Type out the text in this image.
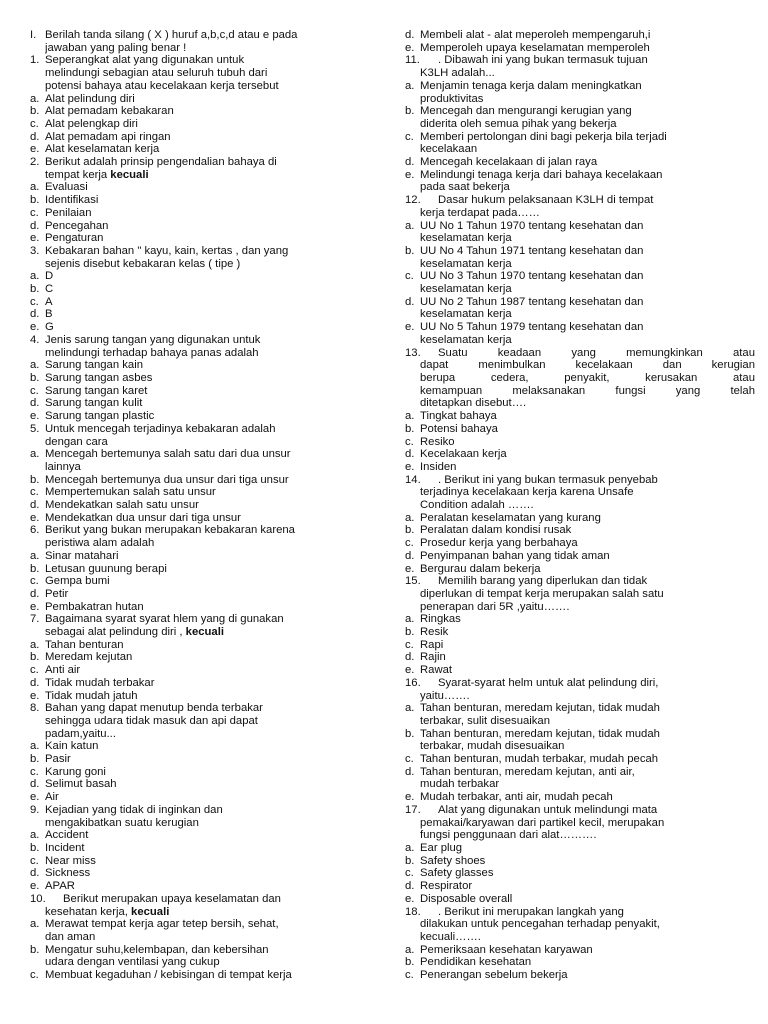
I. Berilah tanda silang ( X ) huruf a,b,c,d atau e pada
jawaban yang paling benar !
1. Seperangkat alat yang digunakan untuk
melindungi sebagian atau seluruh tubuh dari
potensi bahaya atau kecelakaan kerja tersebut
a. Alat pelindung diri
b. Alat pemadam kebakaran
c. Alat pelengkap diri
d. Alat pemadam api ringan
e. Alat keselamatan kerja
2. Berikut adalah prinsip pengendalian bahaya di
tempat kerja kecuali
a. Evaluasi
b. Identifikasi
c. Penilaian
d. Pencegahan
e. Pengaturan
3. Kebakaran bahan " kayu, kain, kertas , dan yang
sejenis disebut kebakaran kelas ( tipe )
a. D
b. C
c. A
d. B
e. G
4. Jenis sarung tangan yang digunakan untuk
melindungi terhadap bahaya panas adalah
a. Sarung tangan kain
b. Sarung tangan asbes
c. Sarung tangan karet
d. Sarung tangan kulit
e. Sarung tangan plastic
5. Untuk mencegah terjadinya kebakaran adalah
dengan cara
a. Mencegah bertemunya salah satu dari dua unsur
lainnya
b. Mencegah bertemunya dua unsur dari tiga unsur
c. Mempertemukan salah satu unsur
d. Mendekatkan salah satu unsur
e. Mendekatkan dua unsur dari tiga unsur
6. Berikut yang bukan merupakan kebakaran karena
peristiwa alam adalah
a. Sinar matahari
b. Letusan guunung berapi
c. Gempa bumi
d. Petir
e. Pembakatran hutan
7. Bagaimana syarat syarat hlem yang di gunakan
sebagai alat pelindung diri , kecuali
a. Tahan benturan
b. Meredam kejutan
c. Anti air
d. Tidak mudah terbakar
e. Tidak mudah jatuh
8. Bahan yang dapat menutup benda terbakar
sehingga udara tidak masuk dan api dapat
padam,yaitu...
a. Kain katun
b. Pasir
c. Karung goni
d. Selimut basah
e. Air
9. Kejadian yang tidak di inginkan dan
mengakibatkan suatu kerugian
a. Accident
b. Incident
c. Near miss
d. Sickness
e. APAR
10.	Berikut merupakan upaya keselamatan dan
kesehatan kerja, kecuali
a. Merawat tempat kerja agar tetep bersih, sehat,
dan aman
b. Mengatur suhu,kelembapan, dan kebersihan
udara dengan ventilasi yang cukup
c. Membuat kegaduhan / kebisingan di tempat kerja
d. Membeli alat - alat meperoleh mempengaruh,i
e. Memperoleh upaya keselamatan memperoleh
11.	. Dibawah ini yang bukan termasuk tujuan
K3LH adalah...
a. Menjamin tenaga kerja dalam meningkatkan
produktivitas
b. Mencegah dan mengurangi kerugian yang
diderita oleh semua pihak yang bekerja
c. Memberi pertolongan dini bagi pekerja bila terjadi
kecelakaan
d. Mencegah kecelakaan di jalan raya
e. Melindungi tenaga kerja dari bahaya kecelakaan
pada saat bekerja
12.	Dasar hukum pelaksanaan K3LH di tempat
kerja terdapat pada……
a. UU No 1 Tahun 1970 tentang kesehatan dan
keselamatan kerja
b. UU No 4 Tahun 1971 tentang kesehatan dan
keselamatan kerja
c. UU No 3 Tahun 1970 tentang kesehatan dan
keselamatan kerja
d. UU No 2 Tahun 1987 tentang kesehatan dan
keselamatan kerja
e. UU No 5 Tahun 1979 tentang kesehatan dan
keselamatan kerja
13.	Suatu keadaan yang memungkinkan atau
dapat menimbulkan kecelakaan dan kerugian
berupa cedera, penyakit, kerusakan atau
kemampuan melaksanakan fungsi yang telah
ditetapkan disebut….
a. Tingkat bahaya
b. Potensi bahaya
c. Resiko
d. Kecelakaan kerja
e. Insiden
14.	. Berikut ini yang bukan termasuk penyebab
terjadinya kecelakaan kerja karena Unsafe
Condition adalah …….
a. Peralatan keselamatan yang kurang
b. Peralatan dalam kondisi rusak
c. Prosedur kerja yang berbahaya
d. Penyimpanan bahan yang tidak aman
e. Bergurau dalam bekerja
15.	Memilih barang yang diperlukan dan tidak
diperlukan di tempat kerja merupakan salah satu
penerapan dari 5R ,yaitu…….
a. Ringkas
b. Resik
c. Rapi
d. Rajin
e. Rawat
16.	Syarat-syarat helm untuk alat pelindung diri,
yaitu…….
a. Tahan benturan, meredam kejutan, tidak mudah
terbakar, sulit disesuaikan
b. Tahan benturan, meredam kejutan, tidak mudah
terbakar, mudah disesuaikan
c. Tahan benturan, mudah terbakar, mudah pecah
d. Tahan benturan, meredam kejutan, anti air,
mudah terbakar
e. Mudah terbakar, anti air, mudah pecah
17.	Alat yang digunakan untuk melindungi mata
pemakai/karyawan dari partikel kecil, merupakan
fungsi penggunaan dari alat……….
a. Ear plug
b. Safety shoes
c. Safety glasses
d. Respirator
e. Disposable overall
18.	. Berikut ini merupakan langkah yang
dilakukan untuk pencegahan terhadap penyakit,
kecuali…….
a. Pemeriksaan kesehatan karyawan
b. Pendidikan kesehatan
c. Penerangan sebelum bekerja
